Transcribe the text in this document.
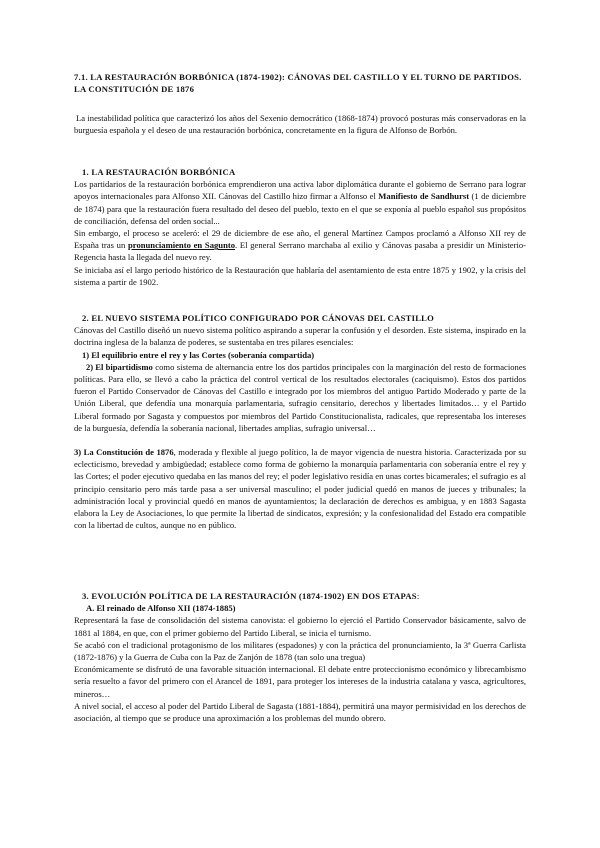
7.1. LA RESTAURACIÓN BORBÓNICA (1874-1902): CÁNOVAS DEL CASTILLO Y EL TURNO DE PARTIDOS. LA CONSTITUCIÓN DE 1876

La inestabilidad política que caracterizó los años del Sexenio democrático (1868-1874) provocó posturas más conservadoras en la burguesía española y el deseo de una restauración borbónica, concretamente en la figura de Alfonso de Borbón.

1. LA RESTAURACIÓN BORBÓNICA

Los partidarios de la restauración borbónica emprendieron una activa labor diplomática durante el gobierno de Serrano para lograr apoyos internacionales para Alfonso XII. Cánovas del Castillo hizo firmar a Alfonso el Manifiesto de Sandhurst (1 de diciembre de 1874) para que la restauración fuera resultado del deseo del pueblo, texto en el que se exponía al pueblo español sus propósitos de conciliación, defensa del orden social...

Sin embargo, el proceso se aceleró: el 29 de diciembre de ese año, el general Martínez Campos proclamó a Alfonso XII rey de España tras un pronunciamiento en Sagunto. El general Serrano marchaba al exilio y Cánovas pasaba a presidir un Ministerio- Regencia hasta la llegada del nuevo rey.

Se iniciaba así el largo periodo histórico de la Restauración que hablaría del asentamiento de esta entre 1875 y 1902, y la crisis del sistema a partir de 1902.

2. EL NUEVO SISTEMA POLÍTICO CONFIGURADO POR CÁNOVAS DEL CASTILLO

Cánovas del Castillo diseñó un nuevo sistema político aspirando a superar la confusión y el desorden. Este sistema, inspirado en la doctrina inglesa de la balanza de poderes, se sustentaba en tres pilares esenciales:

1) El equilibrio entre el rey y las Cortes (soberanía compartida)

2) El bipartidismo como sistema de alternancia entre los dos partidos principales con la marginación del resto de formaciones políticas. Para ello, se llevó a cabo la práctica del control vertical de los resultados electorales (caciquismo). Estos dos partidos fueron el Partido Conservador de Cánovas del Castillo e integrado por los miembros del antiguo Partido Moderado y parte de la Unión Liberal, que defendía una monarquía parlamentaria, sufragio censitario, derechos y libertades limitados… y el Partido Liberal formado por Sagasta y compuestos por miembros del Partido Constitucionalista, radicales, que representaba los intereses de la burguesía, defendía la soberanía nacional, libertades amplias, sufragio universal…

3) La Constitución de 1876, moderada y flexible al juego político, la de mayor vigencia de nuestra historia. Caracterizada por su eclecticismo, brevedad y ambigüedad; establece como forma de gobierno la monarquía parlamentaria con soberanía entre el rey y las Cortes; el poder ejecutivo quedaba en las manos del rey; el poder legislativo residía en unas cortes bicamerales; el sufragio es al principio censitario pero más tarde pasa a ser universal masculino; el poder judicial quedó en manos de jueces y tribunales; la administración local y provincial quedó en manos de ayuntamientos; la declaración de derechos es ambigua, y en 1883 Sagasta elabora la Ley de Asociaciones, lo que permite la libertad de sindicatos, expresión; y la confesionalidad del Estado era compatible con la libertad de cultos, aunque no en público.

3. EVOLUCIÓN POLÍTICA DE LA RESTAURACIÓN (1874-1902) EN DOS ETAPAS:

A. El reinado de Alfonso XII (1874-1885)

Representará la fase de consolidación del sistema canovista: el gobierno lo ejerció el Partido Conservador básicamente, salvo de 1881 al 1884, en que, con el primer gobierno del Partido Liberal, se inicia el turnismo.

Se acabó con el tradicional protagonismo de los militares (espadones) y con la práctica del pronunciamiento, la 3ª Guerra Carlista (1872-1876) y la Guerra de Cuba con la Paz de Zanjón de 1878 (tan solo una tregua)

Económicamente se disfrutó de una favorable situación internacional. El debate entre proteccionismo económico y librecambismo sería resuelto a favor del primero con el Arancel de 1891, para proteger los intereses de la industria catalana y vasca, agricultores, mineros…

A nivel social, el acceso al poder del Partido Liberal de Sagasta (1881-1884), permitirá una mayor permisividad en los derechos de asociación, al tiempo que se produce una aproximación a los problemas del mundo obrero.
